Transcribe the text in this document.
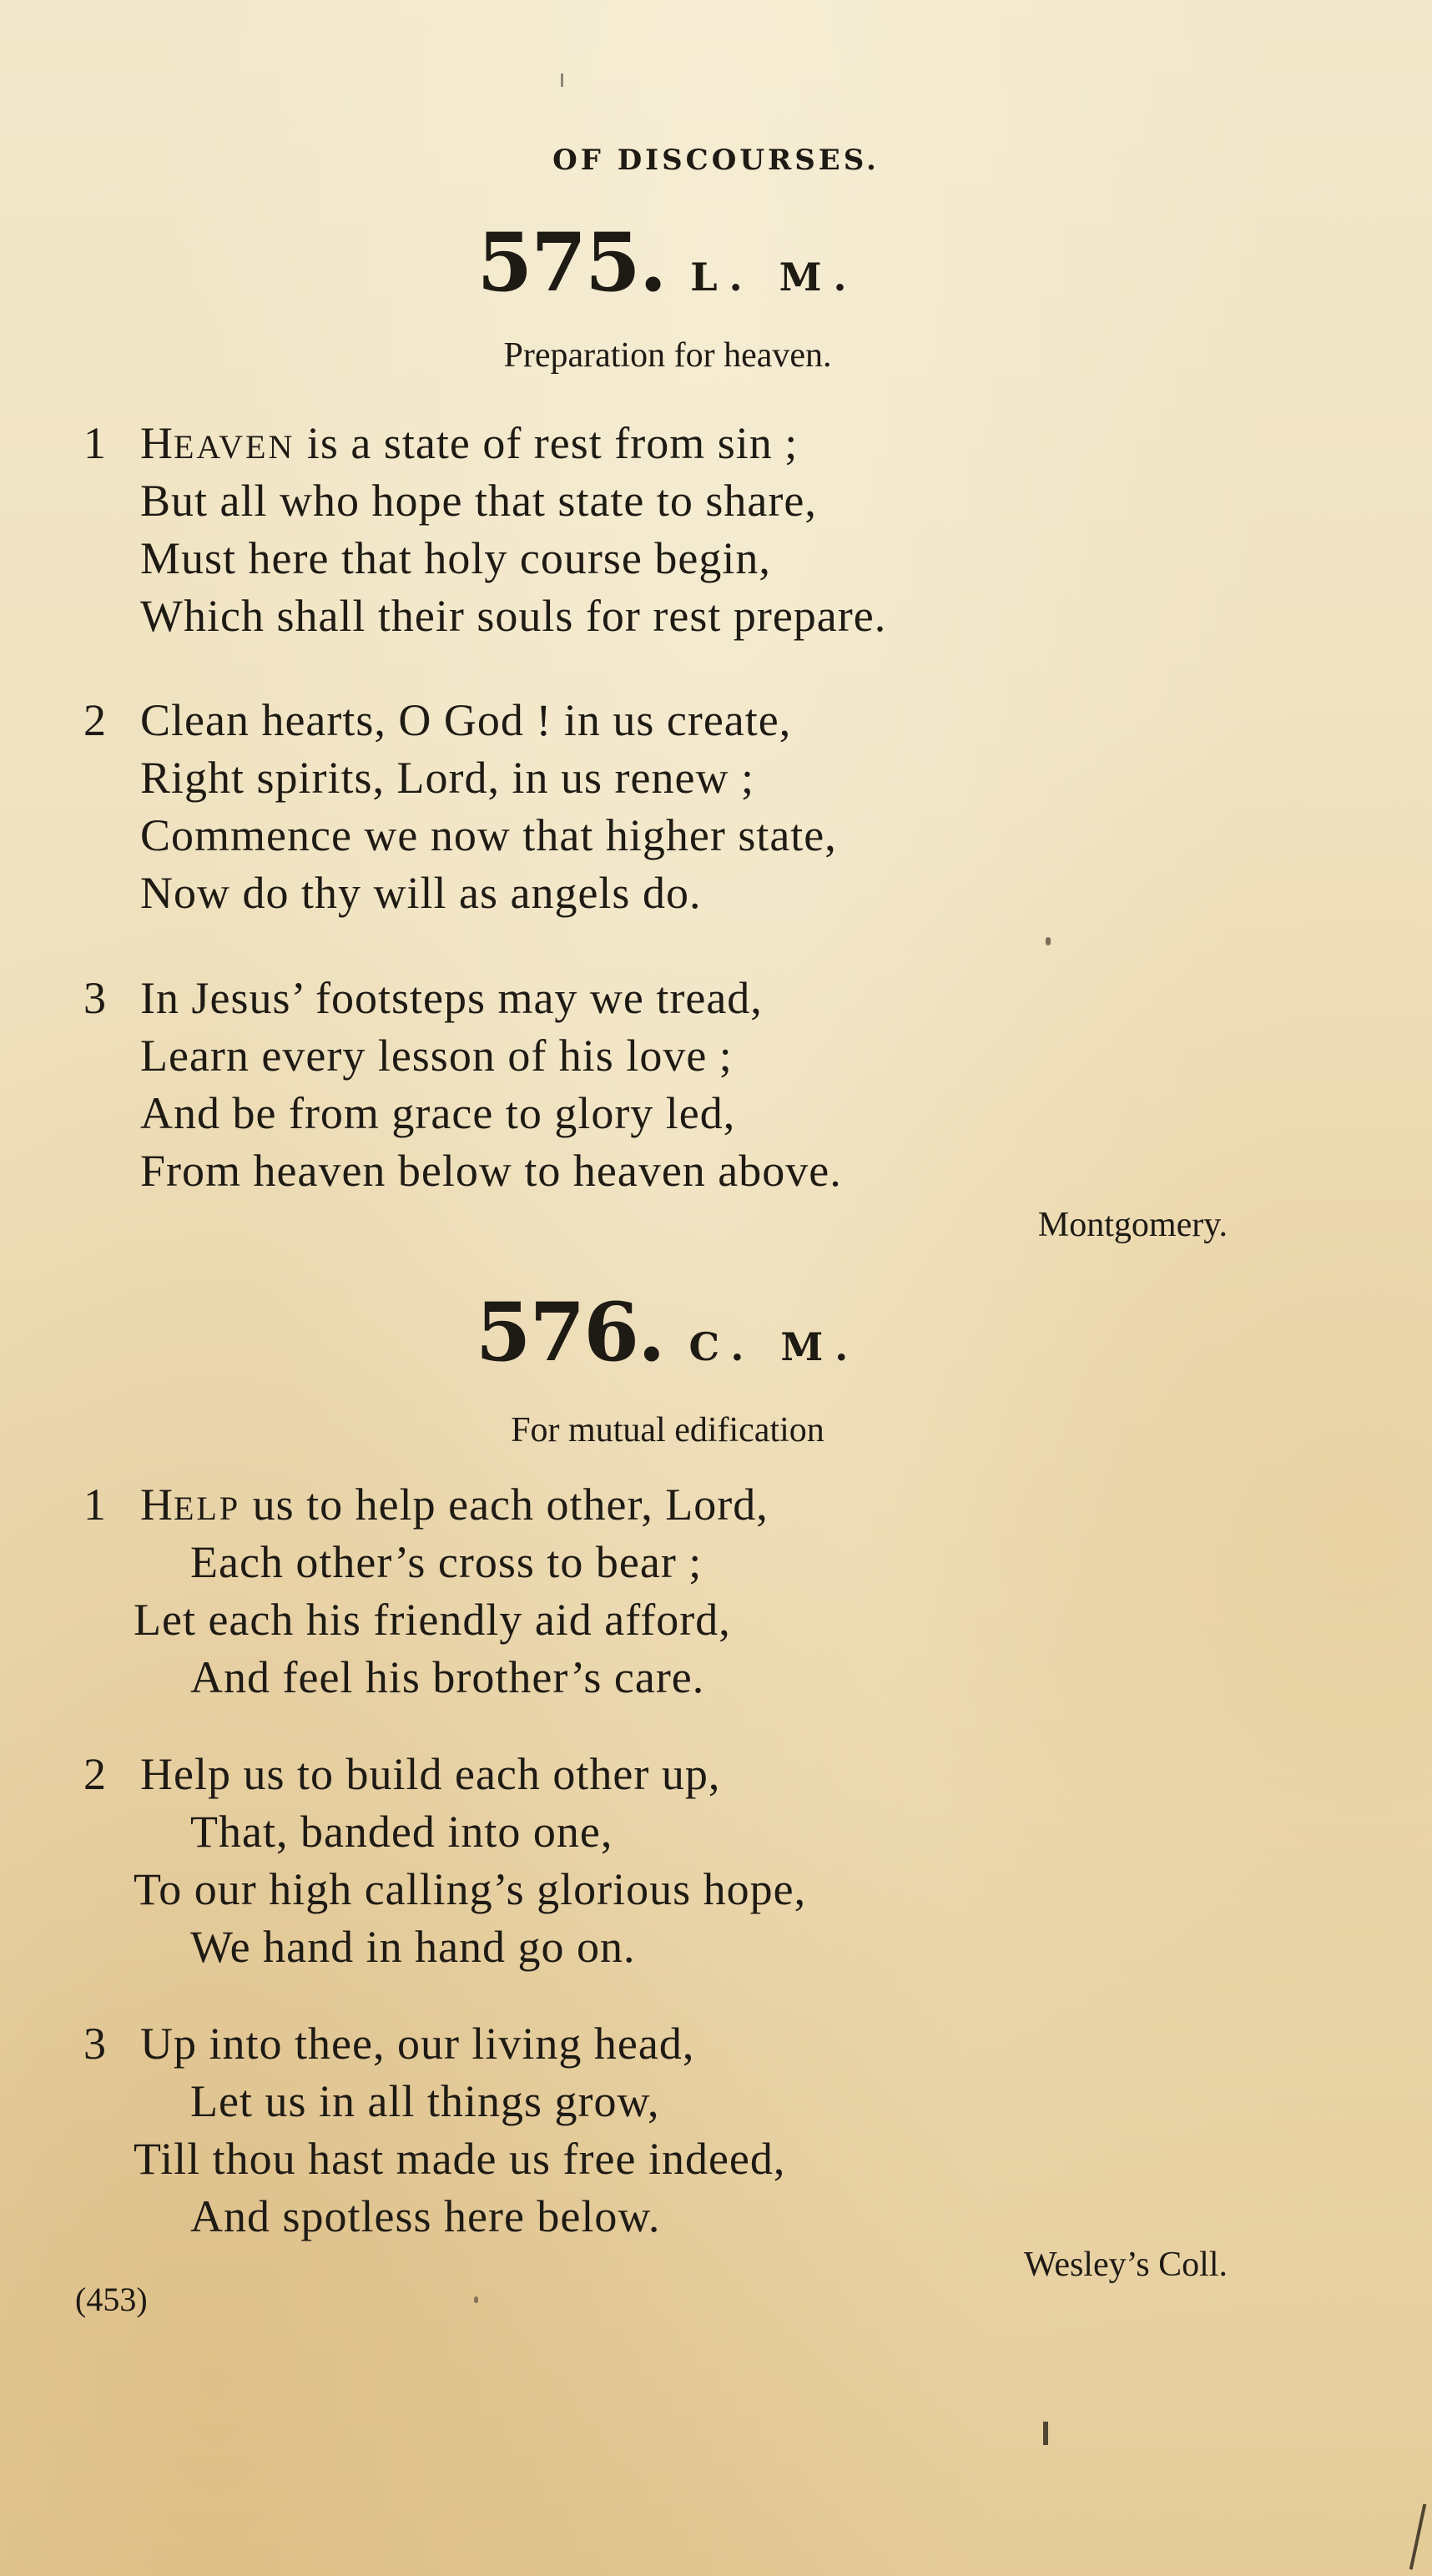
OF DISCOURSES.
575. L. M.
Preparation for heaven.
1 HEAVEN is a state of rest from sin ;
But all who hope that state to share,
Must here that holy course begin,
Which shall their souls for rest prepare.
2 Clean hearts, O God ! in us create,
Right spirits, Lord, in us renew ;
Commence we now that higher state,
Now do thy will as angels do.
3 In Jesus’ footsteps may we tread,
Learn every lesson of his love ;
And be from grace to glory led,
From heaven below to heaven above.
Montgomery.
576. C. M.
For mutual edification
1 HELP us to help each other, Lord,
Each other’s cross to bear ;
Let each his friendly aid afford,
And feel his brother’s care.
2 Help us to build each other up,
That, banded into one,
To our high calling’s glorious hope,
We hand in hand go on.
3 Up into thee, our living head,
Let us in all things grow,
Till thou hast made us free indeed,
And spotless here below.
Wesley’s Coll.
(453)
